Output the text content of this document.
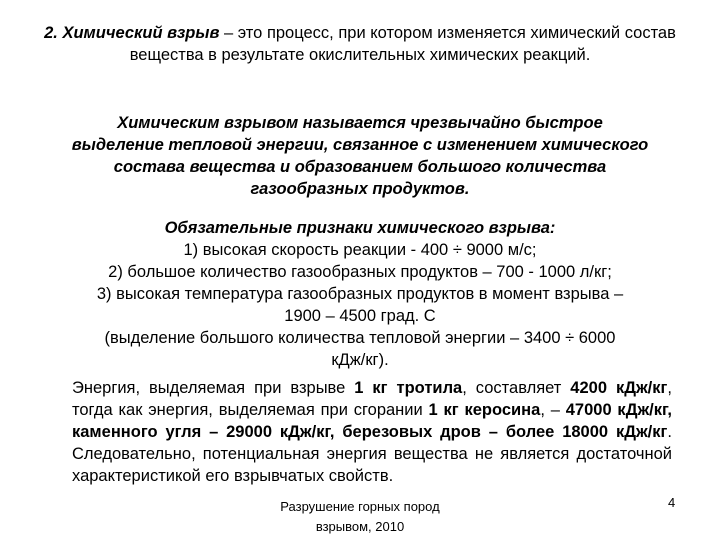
2. Химический взрыв – это процесс, при котором изменяется химический состав вещества в результате окислительных химических реакций.
Химическим взрывом называется чрезвычайно быстрое выделение тепловой энергии, связанное с изменением химического состава вещества и образованием большого количества газообразных продуктов.
Обязательные признаки химического взрыва:
1) высокая скорость реакции - 400 ÷ 9000 м/с;
2) большое количество газообразных продуктов – 700 - 1000 л/кг;
3) высокая температура газообразных продуктов в момент взрыва –
1900 – 4500 град. С
(выделение большого количества тепловой энергии – 3400 ÷ 6000
кДж/кг).
Энергия, выделяемая при взрыве 1 кг тротила, составляет 4200 кДж/кг, тогда как энергия, выделяемая при сгорании 1 кг керосина, – 47000 кДж/кг, каменного угля – 29000 кДж/кг, березовых дров – более 18000 кДж/кг. Следовательно, потенциальная энергия вещества не является достаточной характеристикой его взрывчатых свойств.
Разрушение горных пород
взрывом, 2010
4
